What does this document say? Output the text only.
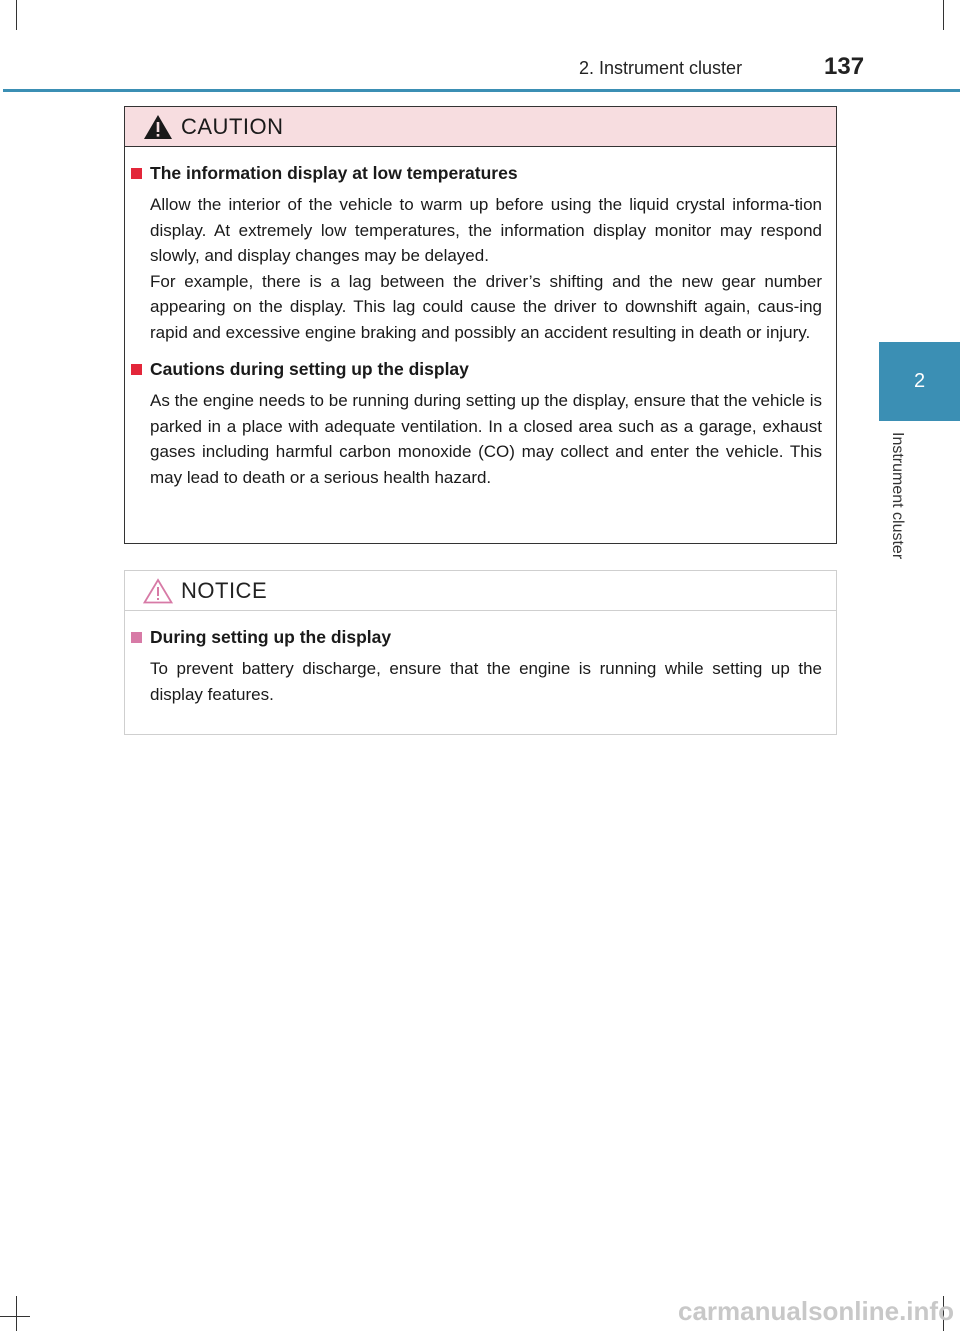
2. Instrument cluster	137
2
Instrument cluster
CAUTION
The information display at low temperatures

Allow the interior of the vehicle to warm up before using the liquid crystal informa-tion display. At extremely low temperatures, the information display monitor may respond slowly, and display changes may be delayed.

For example, there is a lag between the driver’s shifting and the new gear number appearing on the display. This lag could cause the driver to downshift again, caus-ing rapid and excessive engine braking and possibly an accident resulting in death or injury.

Cautions during setting up the display

As the engine needs to be running during setting up the display, ensure that the vehicle is parked in a place with adequate ventilation. In a closed area such as a garage, exhaust gases including harmful carbon monoxide (CO) may collect and enter the vehicle. This may lead to death or a serious health hazard.

NOTICE
During setting up the display

To prevent battery discharge, ensure that the engine is running while setting up the display features.

carmanualsonline.info
